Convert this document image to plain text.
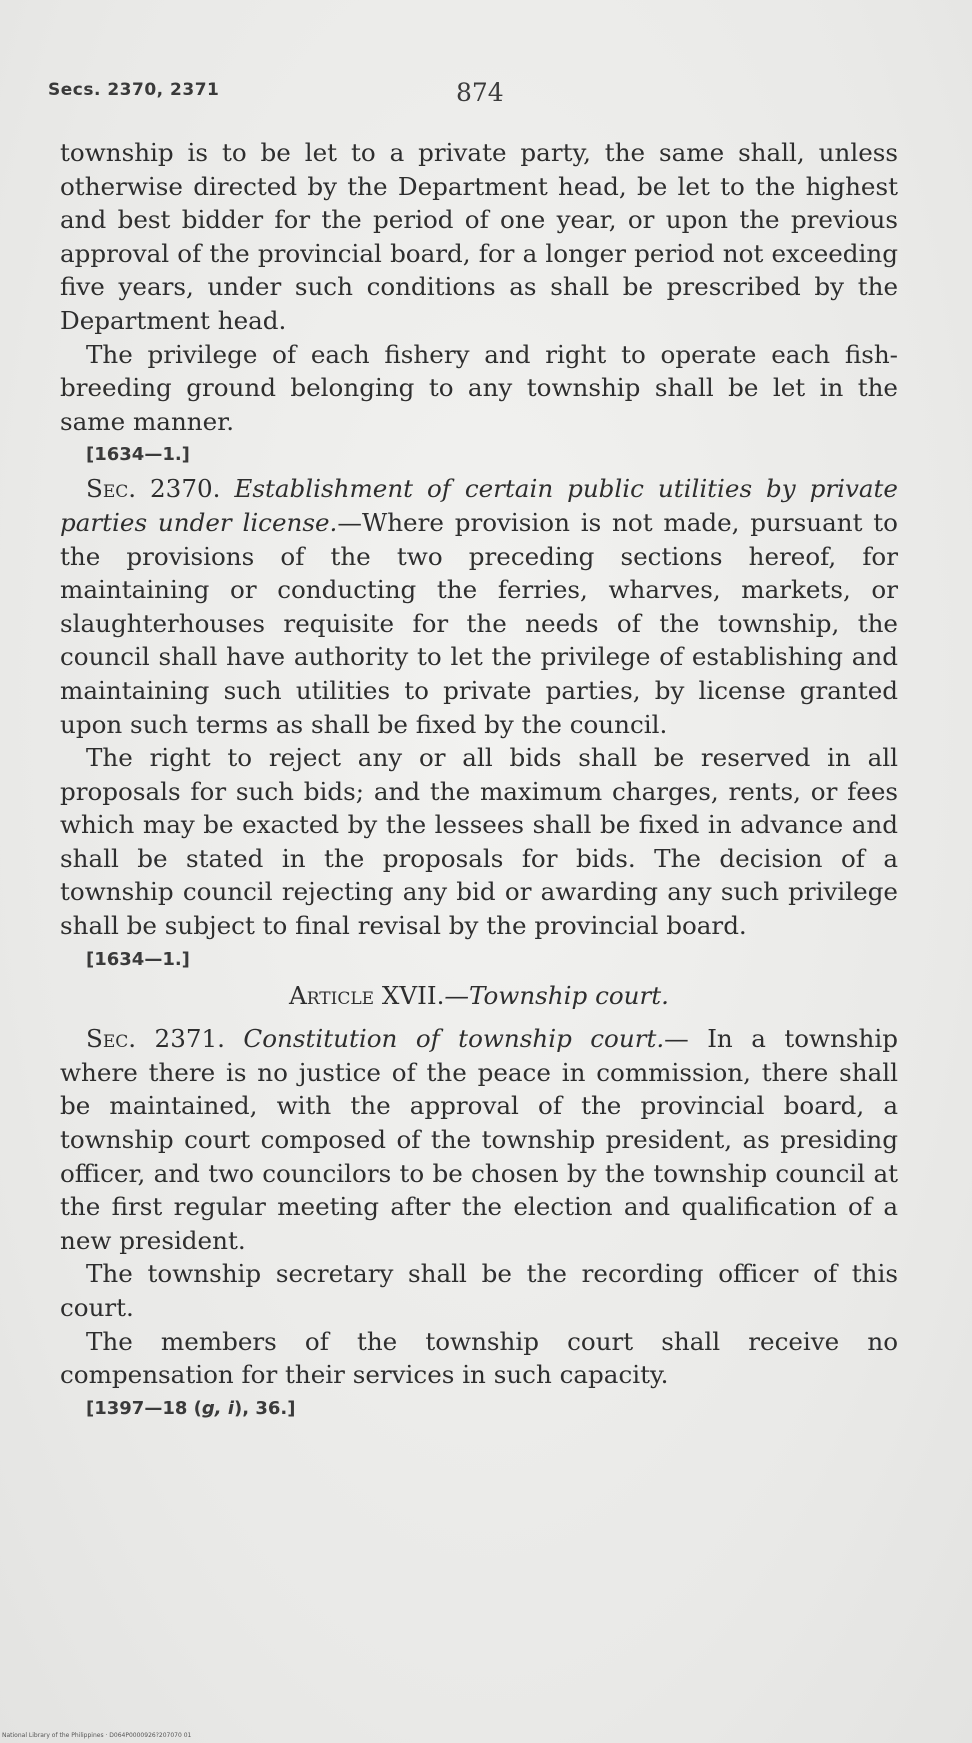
Secs. 2370, 2371	874

township is to be let to a private party, the same shall, unless otherwise directed by the Department head, be let to the highest and best bidder for the period of one year, or upon the previous approval of the provincial board, for a longer period not exceeding five years, under such conditions as shall be prescribed by the Department head.

The privilege of each fishery and right to operate each fish-breeding ground belonging to any township shall be let in the same manner.

[1634—1.]

Sec. 2370. Establishment of certain public utilities by private parties under license.—Where provision is not made, pursuant to the provisions of the two preceding sections hereof, for maintaining or conducting the ferries, wharves, markets, or slaughterhouses requisite for the needs of the township, the council shall have authority to let the privilege of establishing and maintaining such utilities to private parties, by license granted upon such terms as shall be fixed by the council.

The right to reject any or all bids shall be reserved in all proposals for such bids; and the maximum charges, rents, or fees which may be exacted by the lessees shall be fixed in advance and shall be stated in the proposals for bids. The decision of a township council rejecting any bid or awarding any such privilege shall be subject to final revisal by the provincial board.

[1634—1.]

Article XVII.—Township court.

Sec. 2371. Constitution of township court.— In a township where there is no justice of the peace in commission, there shall be maintained, with the approval of the provincial board, a township court composed of the township president, as presiding officer, and two councilors to be chosen by the township council at the first regular meeting after the election and qualification of a new president.

The township secretary shall be the recording officer of this court.

The members of the township court shall receive no compensation for their services in such capacity.

[1397—18 (g, i), 36.]

National Library of the Philippines · D064P0000926?207070 01
